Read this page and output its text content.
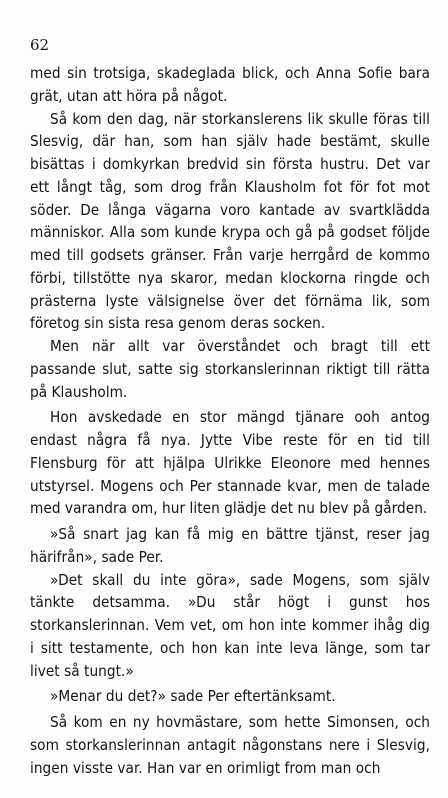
62

med sin trotsiga, skadeglada blick, och Anna Sofie bara grät, utan att höra på något.

Så kom den dag, när storkanslerens lik skulle föras till Slesvig, där han, som han själv hade bestämt, skulle bisättas i domkyrkan bredvid sin första hustru. Det var ett långt tåg, som drog från Klausholm fot för fot mot söder. De långa vägarna voro kantade av svartklädda människor. Alla som kunde krypa och gå på godset följde med till godsets gränser. Från varje herrgård de kommo förbi, tillstötte nya skaror, medan klockorna ringde och prästerna lyste välsignelse över det förnäma lik, som företog sin sista resa genom deras socken.

Men när allt var överståndet och bragt till ett passande slut, satte sig storkanslerinnan riktigt till rätta på Klausholm.

Hon avskedade en stor mängd tjänare ooh antog endast några få nya. Jytte Vibe reste för en tid till Flensburg för att hjälpa Ulrikke Eleonore med hennes utstyrsel. Mogens och Per stannade kvar, men de talade med varandra om, hur liten glädje det nu blev på gården.

»Så snart jag kan få mig en bättre tjänst, reser jag härifrån», sade Per.

»Det skall du inte göra», sade Mogens, som själv tänkte detsamma. »Du står högt i gunst hos storkanslerinnan. Vem vet, om hon inte kommer ihåg dig i sitt testamente, och hon kan inte leva länge, som tar livet så tungt.»

»Menar du det?» sade Per eftertänksamt.

Så kom en ny hovmästare, som hette Simonsen, och som storkanslerinnan antagit någonstans nere i Slesvig, ingen visste var. Han var en orimligt from man och
